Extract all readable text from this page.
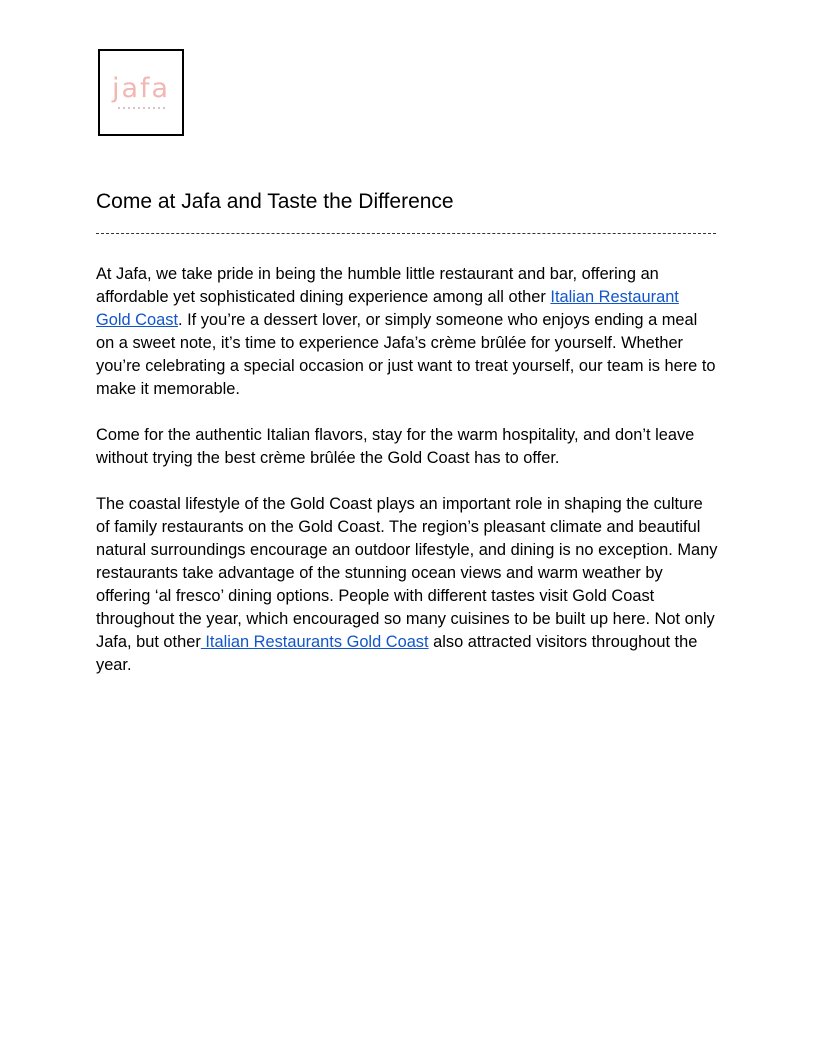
jafa
Come at Jafa and Taste the Difference

At Jafa, we take pride in being the humble little restaurant and bar, offering an affordable yet sophisticated dining experience among all other Italian Restaurant Gold Coast. If you’re a dessert lover, or simply someone who enjoys ending a meal on a sweet note, it’s time to experience Jafa’s crème brûlée for yourself. Whether you’re celebrating a special occasion or just want to treat yourself, our team is here to make it memorable.

Come for the authentic Italian flavors, stay for the warm hospitality, and don’t leave without trying the best crème brûlée the Gold Coast has to offer.

The coastal lifestyle of the Gold Coast plays an important role in shaping the culture of family restaurants on the Gold Coast. The region’s pleasant climate and beautiful natural surroundings encourage an outdoor lifestyle, and dining is no exception. Many restaurants take advantage of the stunning ocean views and warm weather by offering ‘al fresco’ dining options. People with different tastes visit Gold Coast throughout the year, which encouraged so many cuisines to be built up here. Not only Jafa, but other Italian Restaurants Gold Coast also attracted visitors throughout the year.
